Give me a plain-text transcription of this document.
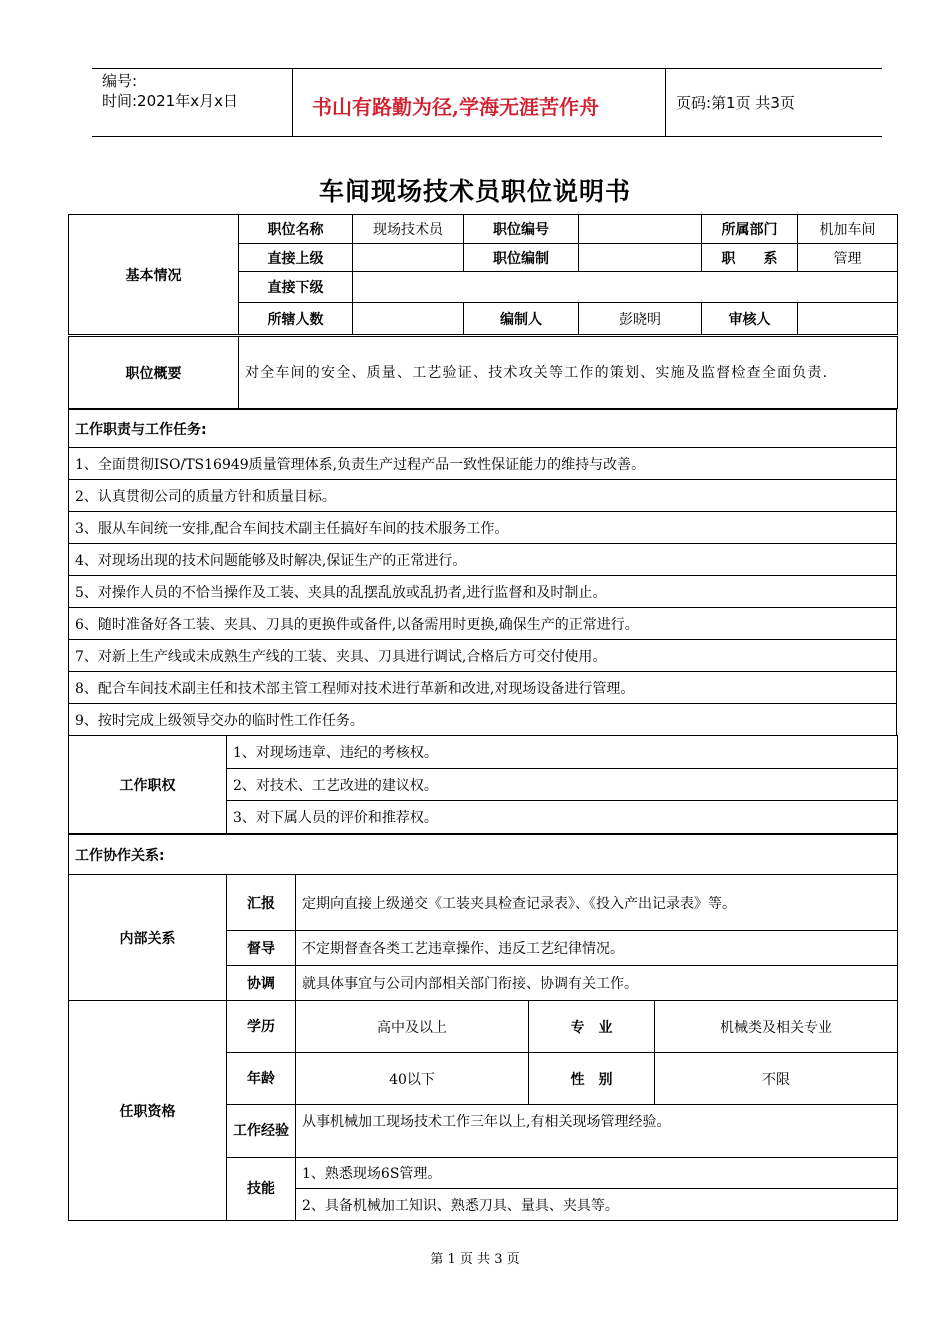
编号:
时间:2021年x月x日	书山有路勤为径,学海无涯苦作舟	页码:第1页 共3页
车间现场技术员职位说明书
基本情况	职位名称	现场技术员	职位编号		所属部门	机加车间
	直接上级		职位编制		职　　系	管理
	直接下级					
	所辖人数		编制人	彭晓明	审核人	
职位概要	对全车间的安全、质量、工艺验证、技术攻关等工作的策划、实施及监督检查全面负责.
工作职责与工作任务:
1、全面贯彻ISO/TS16949质量管理体系,负责生产过程产品一致性保证能力的维持与改善。
2、认真贯彻公司的质量方针和质量目标。
3、服从车间统一安排,配合车间技术副主任搞好车间的技术服务工作。
4、对现场出现的技术问题能够及时解决,保证生产的正常进行。
5、对操作人员的不恰当操作及工装、夹具的乱摆乱放或乱扔者,进行监督和及时制止。
6、随时准备好各工装、夹具、刀具的更换件或备件,以备需用时更换,确保生产的正常进行。
7、对新上生产线或未成熟生产线的工装、夹具、刀具进行调试,合格后方可交付使用。
8、配合车间技术副主任和技术部主管工程师对技术进行革新和改进,对现场设备进行管理。
9、按时完成上级领导交办的临时性工作任务。
工作职权	1、对现场违章、违纪的考核权。
2、对技术、工艺改进的建议权。
3、对下属人员的评价和推荐权。
工作协作关系:		
内部关系	汇报	定期向直接上级递交《工装夹具检查记录表》、《投入产出记录表》等。
	督导	不定期督查各类工艺违章操作、违反工艺纪律情况。
	协调	就具体事宜与公司内部相关部门衔接、协调有关工作。
任职资格	学历	高中及以上	专　业	机械类及相关专业
	年龄	40以下	性　别	不限
	工作经验	从事机械加工现场技术工作三年以上,有相关现场管理经验。		
	技能	1、熟悉现场6S管理。		
		2、具备机械加工知识、熟悉刀具、量具、夹具等。		
第 1 页 共 3 页
